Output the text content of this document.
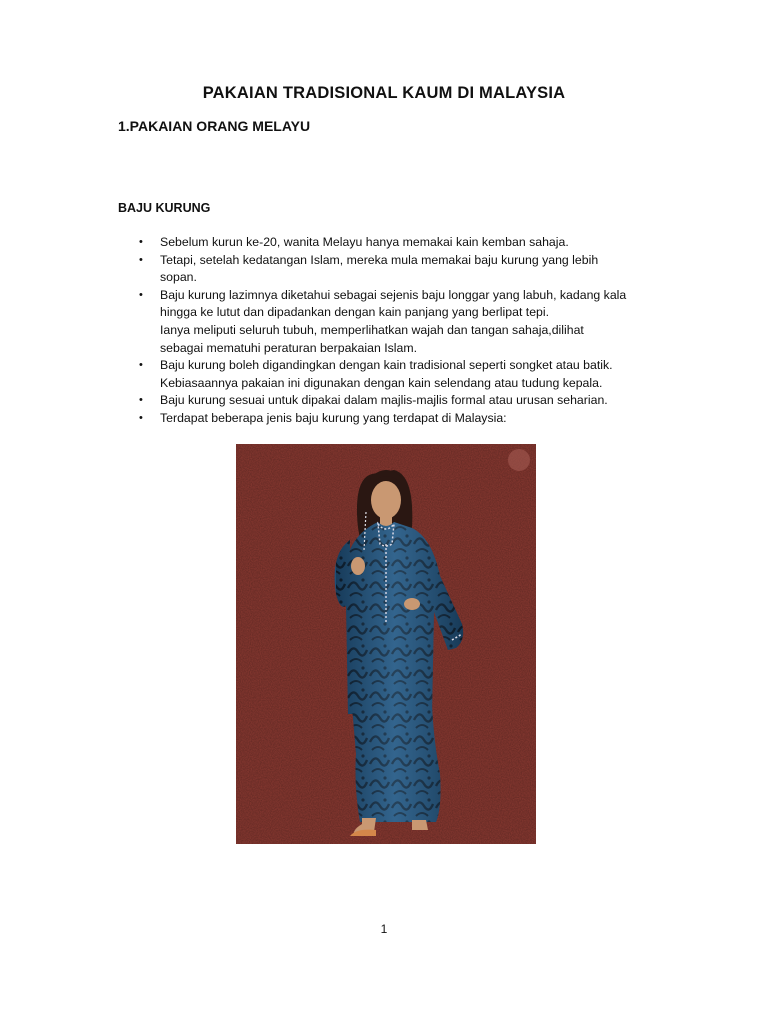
PAKAIAN TRADISIONAL KAUM DI MALAYSIA
1.PAKAIAN ORANG MELAYU
BAJU KURUNG
• Sebelum kurun ke-20, wanita Melayu hanya memakai kain kemban sahaja.
• Tetapi, setelah kedatangan Islam, mereka mula memakai baju kurung yang lebih
sopan.
• Baju kurung lazimnya diketahui sebagai sejenis baju longgar yang labuh, kadang kala
hingga ke lutut dan dipadankan dengan kain panjang yang berlipat tepi.
Ianya meliputi seluruh tubuh, memperlihatkan wajah dan tangan sahaja,dilihat
sebagai mematuhi peraturan berpakaian Islam.
• Baju kurung boleh digandingkan dengan kain tradisional seperti songket atau batik.
Kebiasaannya pakaian ini digunakan dengan kain selendang atau tudung kepala.
• Baju kurung sesuai untuk dipakai dalam majlis-majlis formal atau urusan seharian.
• Terdapat beberapa jenis baju kurung yang terdapat di Malaysia:
1
